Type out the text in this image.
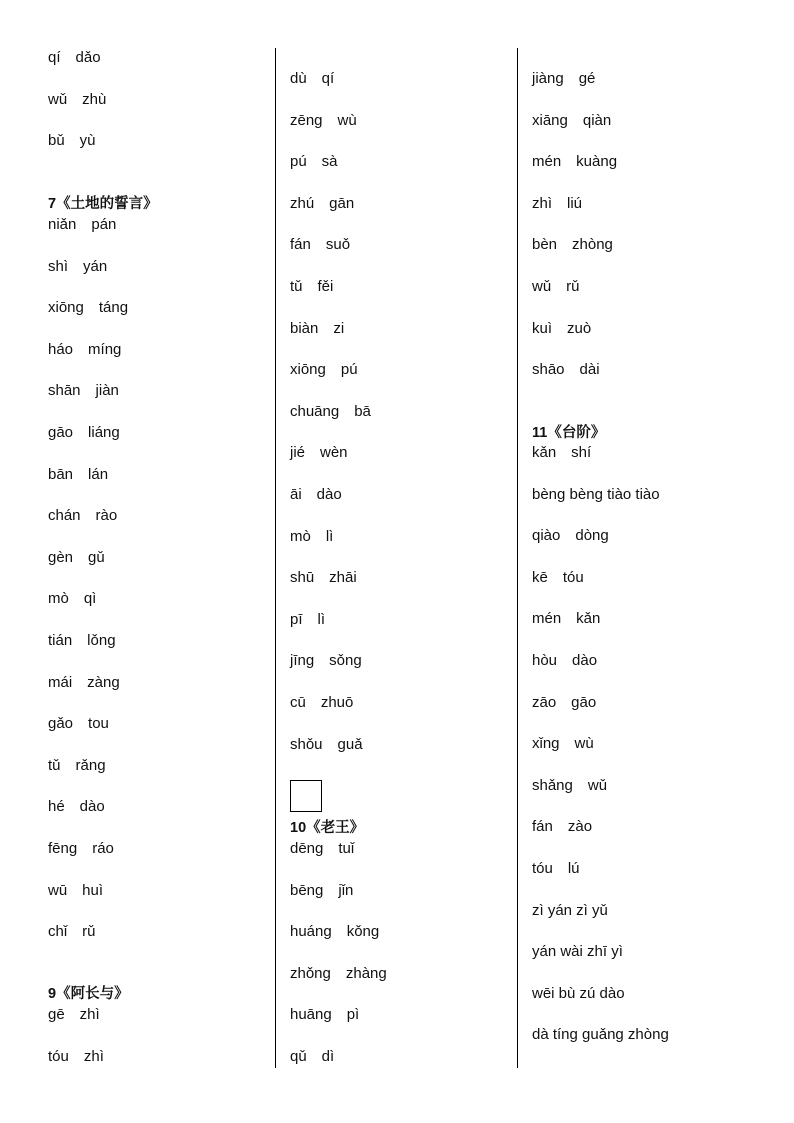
qí　dǎo
wǔ　zhù
bǔ　yù
7《土地的誓言》
niǎn　pán
shì　yán
xiōng　táng
háo　míng
shān　jiàn
gāo　liáng
bān　lán
chán　rào
gèn　gǔ
mò　qì
tián　lǒng
mái　zàng
gǎo　tou
tǔ　rǎng
hé　dào
fēng　ráo
wū　huì
chǐ　rǔ
9《阿长与》
gē　zhì
tóu　zhì
dù　qí
zēng　wù
pú　sà
zhú　gān
fán　suǒ
tǔ　fěi
biàn　zi
xiōng　pú
chuāng　bā
jié　wèn
āi　dào
mò　lì
shū　zhāi
pī　lì
jīng　sǒng
cū　zhuō
shǒu　guǎ
10《老王》
dēng　tuǐ
bēng　jǐn
huáng　kǒng
zhǒng　zhàng
huāng　pì
qǔ　dì
jiàng　gé
xiāng　qiàn
mén　kuàng
zhì　liú
bèn　zhòng
wǔ　rǔ
kuì　zuò
shāo　dài
11《台阶》
kǎn　shí
bèng bèng tiào tiào
qiào　dòng
kē　tóu
mén　kǎn
hòu　dào
zāo　gāo
xǐng　wù
shǎng　wǔ
fán　zào
tóu　lú
zì yán zì yǔ
yán wài zhī yì
wēi bù zú dào
dà tíng guǎng zhòng
